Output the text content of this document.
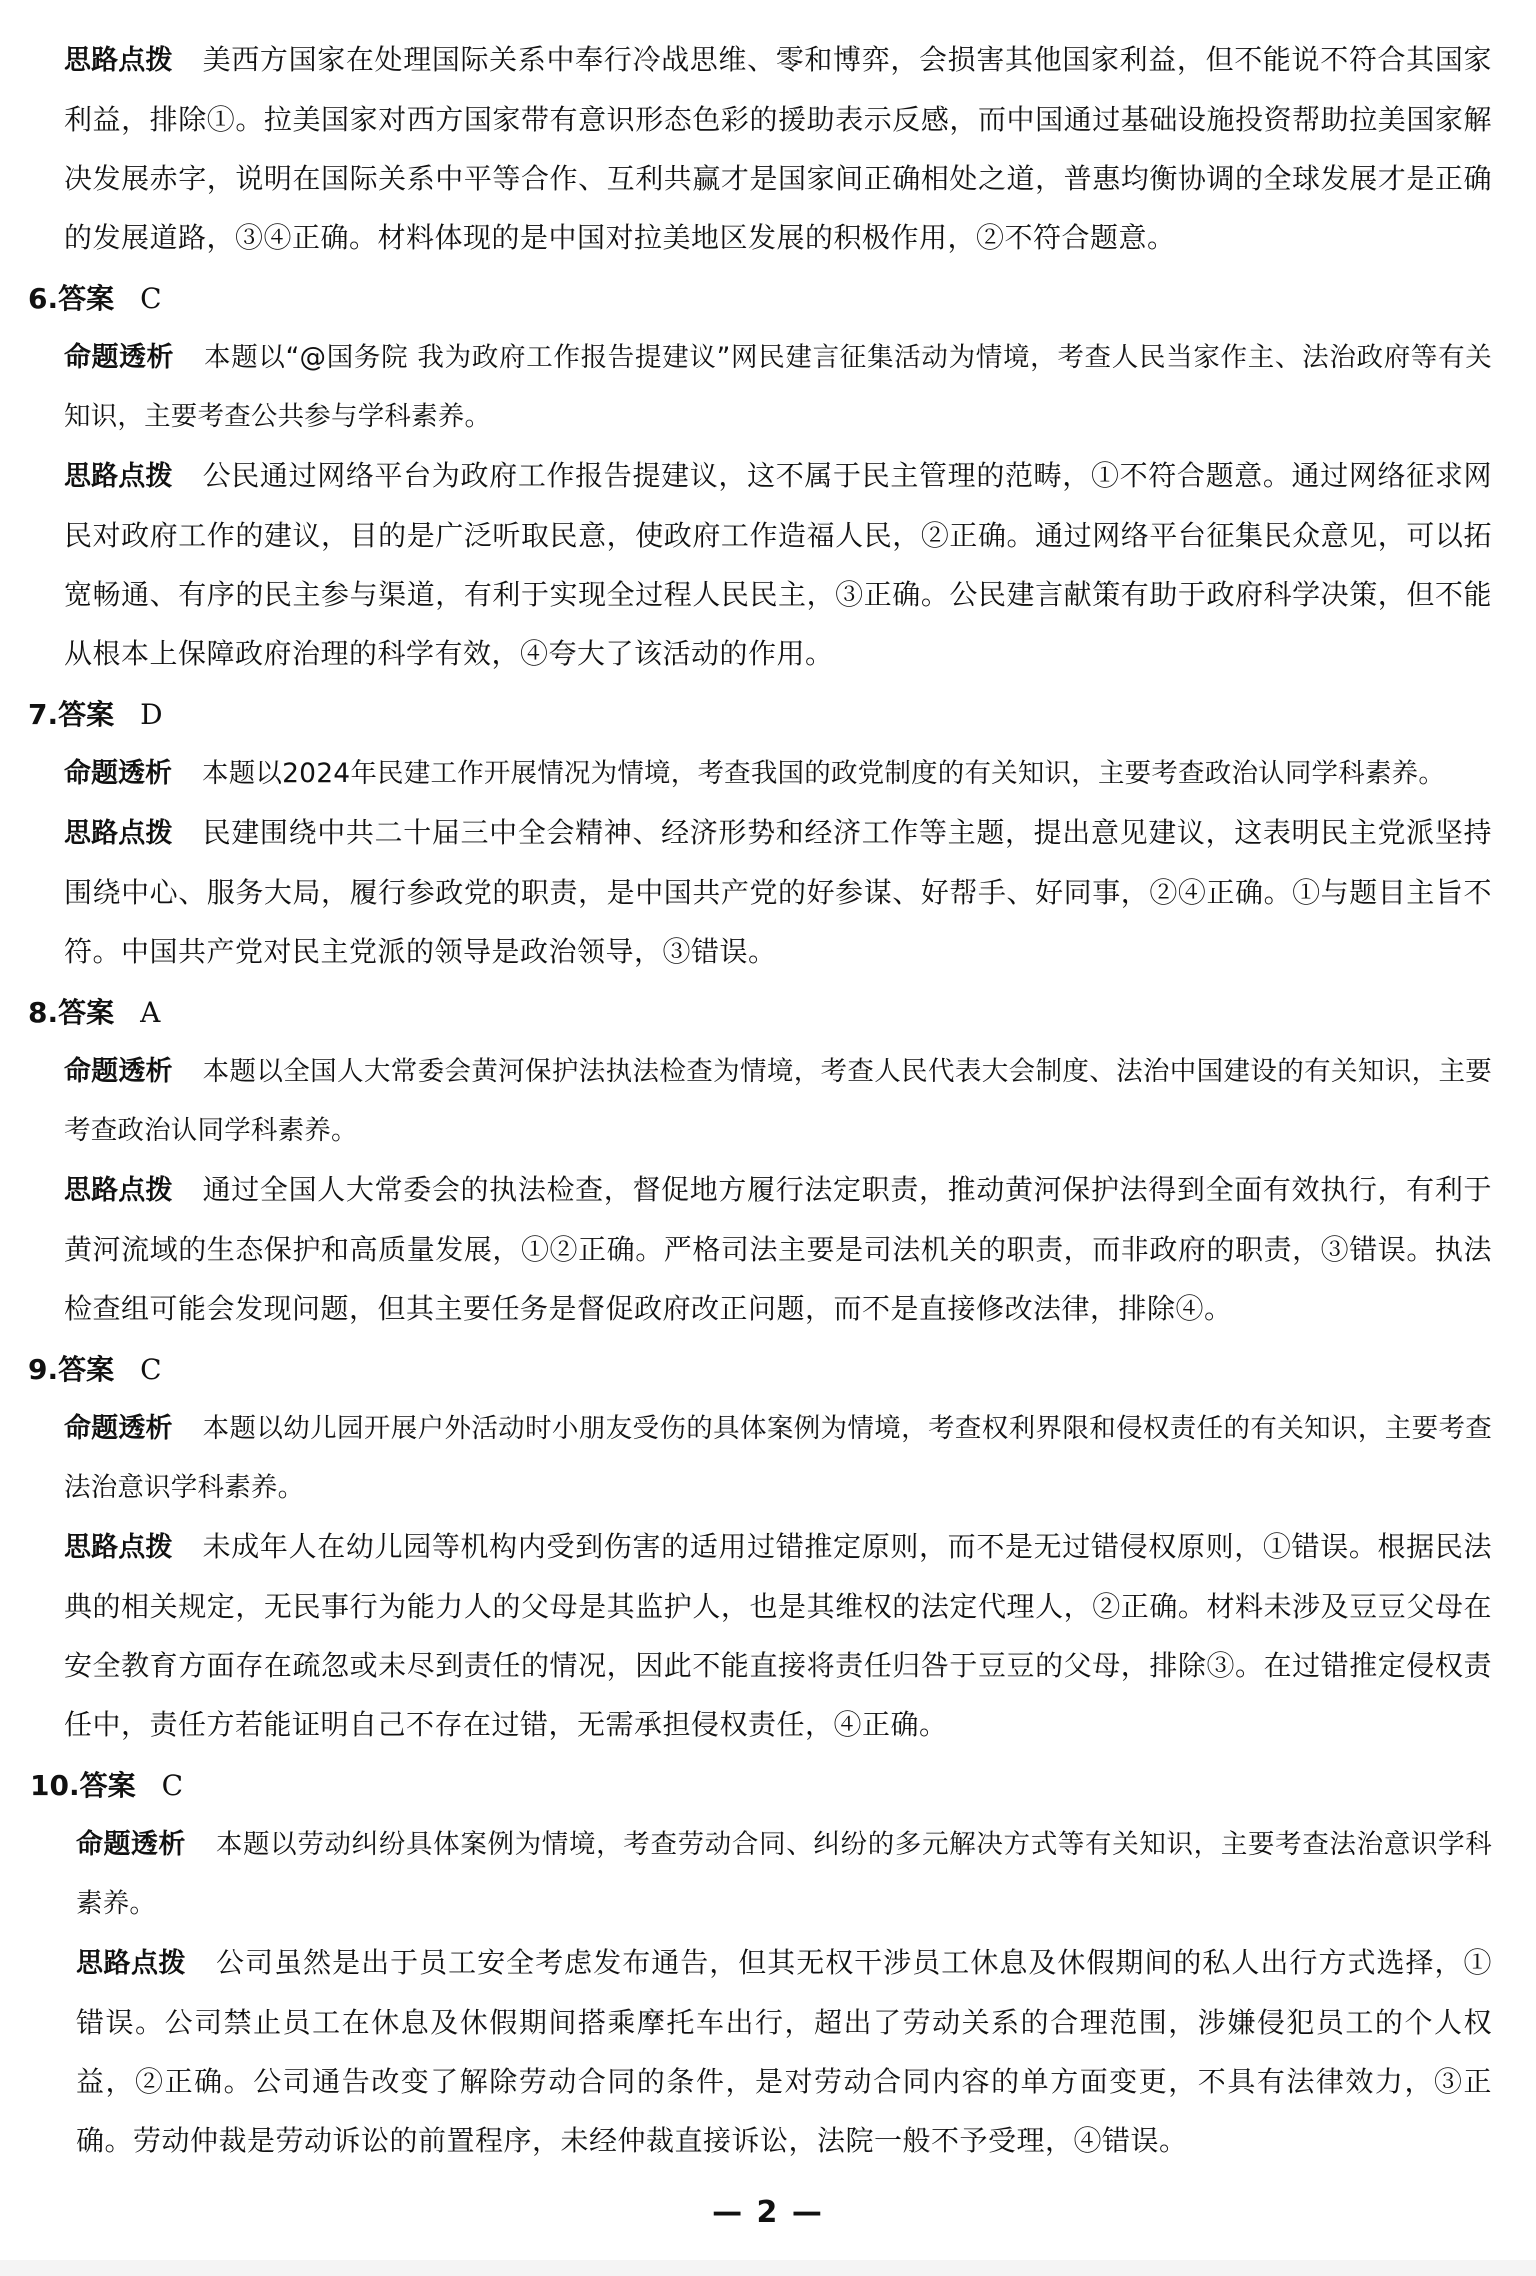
思路点拨 美西方国家在处理国际关系中奉行冷战思维、零和博弈，会损害其他国家利益，但不能说不符合其国家利益，排除①。拉美国家对西方国家带有意识形态色彩的援助表示反感，而中国通过基础设施投资帮助拉美国家解决发展赤字，说明在国际关系中平等合作、互利共赢才是国家间正确相处之道，普惠均衡协调的全球发展才是正确的发展道路，③④正确。材料体现的是中国对拉美地区发展的积极作用，②不符合题意。

6.答案 C

命题透析 本题以“@国务院 我为政府工作报告提建议”网民建言征集活动为情境，考查人民当家作主、法治政府等有关知识，主要考查公共参与学科素养。

思路点拨 公民通过网络平台为政府工作报告提建议，这不属于民主管理的范畴，①不符合题意。通过网络征求网民对政府工作的建议，目的是广泛听取民意，使政府工作造福人民，②正确。通过网络平台征集民众意见，可以拓宽畅通、有序的民主参与渠道，有利于实现全过程人民民主，③正确。公民建言献策有助于政府科学决策，但不能从根本上保障政府治理的科学有效，④夸大了该活动的作用。

7.答案 D

命题透析 本题以2024年民建工作开展情况为情境，考查我国的政党制度的有关知识，主要考查政治认同学科素养。

思路点拨 民建围绕中共二十届三中全会精神、经济形势和经济工作等主题，提出意见建议，这表明民主党派坚持围绕中心、服务大局，履行参政党的职责，是中国共产党的好参谋、好帮手、好同事，②④正确。①与题目主旨不符。中国共产党对民主党派的领导是政治领导，③错误。

8.答案 A

命题透析 本题以全国人大常委会黄河保护法执法检查为情境，考查人民代表大会制度、法治中国建设的有关知识，主要考查政治认同学科素养。

思路点拨 通过全国人大常委会的执法检查，督促地方履行法定职责，推动黄河保护法得到全面有效执行，有利于黄河流域的生态保护和高质量发展，①②正确。严格司法主要是司法机关的职责，而非政府的职责，③错误。执法检查组可能会发现问题，但其主要任务是督促政府改正问题，而不是直接修改法律，排除④。

9.答案 C

命题透析 本题以幼儿园开展户外活动时小朋友受伤的具体案例为情境，考查权利界限和侵权责任的有关知识，主要考查法治意识学科素养。

思路点拨 未成年人在幼儿园等机构内受到伤害的适用过错推定原则，而不是无过错侵权原则，①错误。根据民法典的相关规定，无民事行为能力人的父母是其监护人，也是其维权的法定代理人，②正确。材料未涉及豆豆父母在安全教育方面存在疏忽或未尽到责任的情况，因此不能直接将责任归咎于豆豆的父母，排除③。在过错推定侵权责任中，责任方若能证明自己不存在过错，无需承担侵权责任，④正确。

10.答案 C

命题透析 本题以劳动纠纷具体案例为情境，考查劳动合同、纠纷的多元解决方式等有关知识，主要考查法治意识学科素养。

思路点拨 公司虽然是出于员工安全考虑发布通告，但其无权干涉员工休息及休假期间的私人出行方式选择，①错误。公司禁止员工在休息及休假期间搭乘摩托车出行，超出了劳动关系的合理范围，涉嫌侵犯员工的个人权益，②正确。公司通告改变了解除劳动合同的条件，是对劳动合同内容的单方面变更，不具有法律效力，③正确。劳动仲裁是劳动诉讼的前置程序，未经仲裁直接诉讼，法院一般不予受理，④错误。

— 2 —
